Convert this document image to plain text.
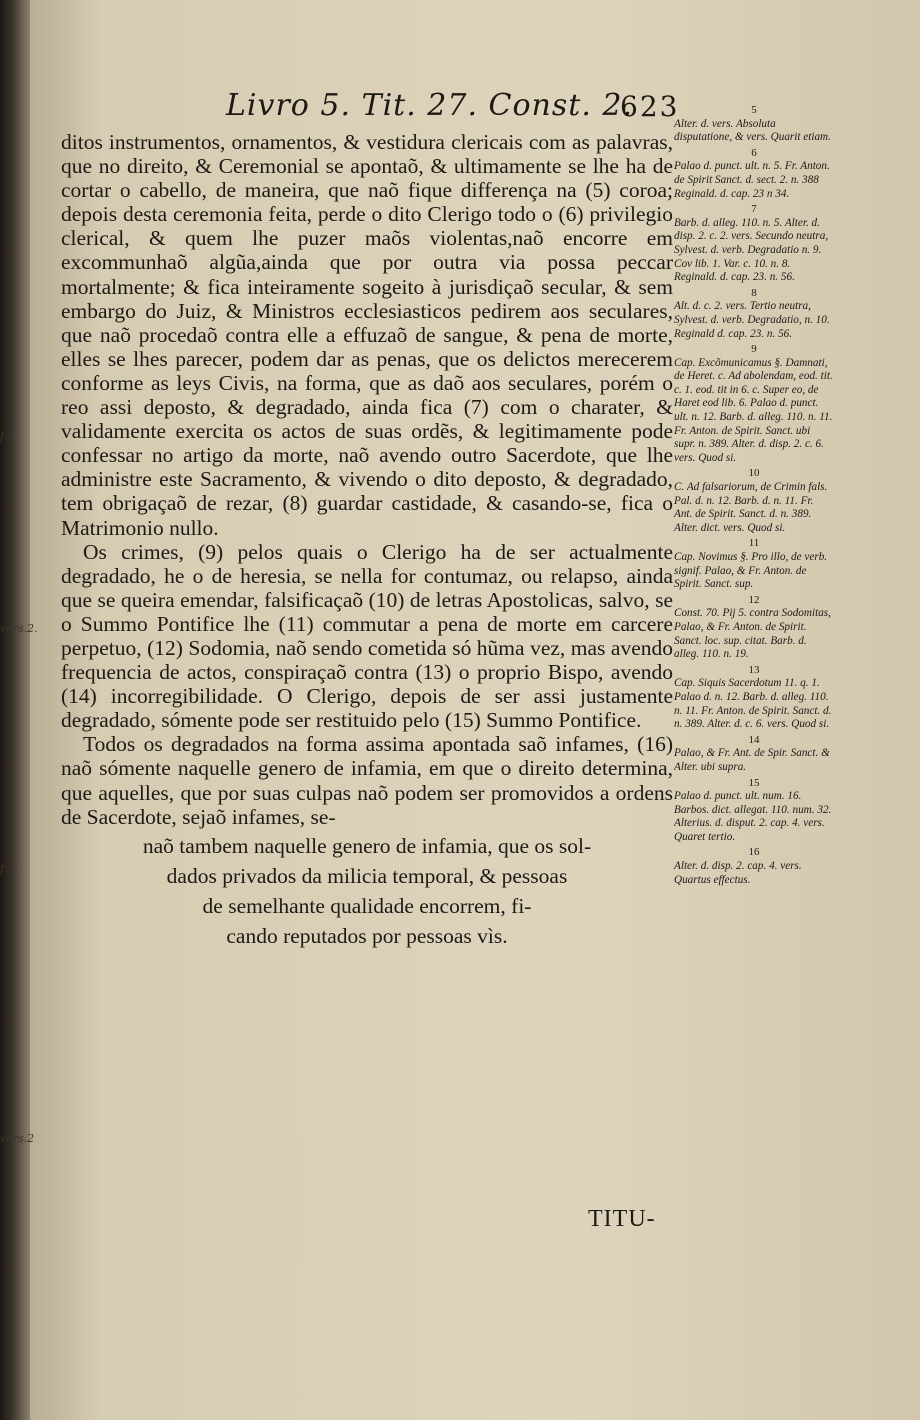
Livro 5. Tit. 27. Const. 2.
623

ditos instrumentos, ornamentos, & vestidura clericais com as palavras, que no direito, & Ceremonial se apontaõ, & ultimamente se lhe ha de cortar o cabello, de maneira, que naõ fique differença na (5) coroa; depois desta ceremonia feita, perde o dito Clerigo todo o (6) privilegio clerical, & quem lhe puzer maõs violentas,naõ encorre em excommunhaõ algũa,ainda que por outra via possa peccar mortalmente; & fica inteiramente sogeito à jurisdiçaõ secular, & sem embargo do Juiz, & Ministros ecclesiasticos pedirem aos seculares, que naõ procedaõ contra elle a effuzaõ de sangue, & pena de morte, elles se lhes parecer, podem dar as penas, que os delictos merecerem conforme as leys Civis, na forma, que as daõ aos seculares, porém o reo assi deposto, & degradado, ainda fica (7) com o charater, & validamente exercita os actos de suas ordẽs, & legitimamente pode confessar no artigo da morte, naõ avendo outro Sacerdote, que lhe administre este Sacramento, & vivendo o dito deposto, & degradado, tem obrigaçaõ de rezar, (8) guardar castidade, & casando-se, fica o Matrimonio nullo.

Os crimes, (9) pelos quais o Clerigo ha de ser actualmente degradado, he o de heresia, se nella for contumaz, ou relapso, ainda que se queira emendar, falsificaçaõ (10) de letras Apostolicas, salvo, se o Summo Pontifice lhe (11) commutar a pena de morte em carcere perpetuo, (12) Sodomia, naõ sendo cometida só hũma vez, mas avendo frequencia de actos, conspiraçaõ contra (13) o proprio Bispo, avendo (14) incorregibilidade. O Clerigo, depois de ser assi justamente degradado, sómente pode ser restituido pelo (15) Summo Pontifice.

Todos os degradados na forma assima apontada saõ infames, (16) naõ sómente naquelle genero de infamia, em que o direito determina, que aquelles, que por suas culpas naõ podem ser promovidos a ordens de Sacerdote, sejaõ infames, se-

naõ tambem naquelle genero de infamia, que os sol-
dados privados da milicia temporal, & pessoas
de semelhante qualidade encorrem, fi-
cando reputados por pessoas vìs.
f.4
vers.2.
f.3.
vers.2
5
Alter. d. vers. Absoluta disputatione, & vers. Quarit etiam.
6
Palao d. punct. ult. n. 5. Fr. Anton. de Spirit Sanct. d. sect. 2. n. 388 Reginald. d. cap. 23 n 34.
7
Barb. d. alleg. 110. n. 5. Alter. d. disp. 2. c. 2. vers. Secundo neutra, Sylvest. d. verb. Degradatio n. 9. Cov lib. 1. Var. c. 10. n. 8. Reginald. d. cap. 23. n. 56.
8
Alt. d. c. 2. vers. Tertio neutra, Sylvest. d. verb. Degradatio, n. 10. Reginald d. cap. 23. n. 56.
9
Cap. Excõmunicamus §. Damnati, de Heret. c. Ad abolendam, eod. tit. c. 1. eod. tit in 6. c. Super eo, de Haret eod lib. 6. Palao d. punct. ult. n. 12. Barb. d. alleg. 110. n. 11. Fr. Anton. de Spirit. Sanct. ubi supr. n. 389. Alter. d. disp. 2. c. 6. vers. Quod si.
10
C. Ad falsariorum, de Crimin fals. Pal. d. n. 12. Barb. d. n. 11. Fr. Ant. de Spirit. Sanct. d. n. 389. Alter. dict. vers. Quod si.
11
Cap. Novimus §. Pro illo, de verb. signif. Palao, & Fr. Anton. de Spirit. Sanct. sup.
12
Const. 70. Pij 5. contra Sodomitas, Palao, & Fr. Anton. de Spirit. Sanct. loc. sup. citat. Barb. d. alleg. 110. n. 19.
13
Cap. Siquis Sacerdotum 11. q. 1. Palao d. n. 12. Barb. d. alleg. 110. n. 11. Fr. Anton. de Spirit. Sanct. d. n. 389. Alter. d. c. 6. vers. Quod si.
14
Palao, & Fr. Ant. de Spir. Sanct. & Alter. ubi supra.
15
Palao d. punct. ult. num. 16. Barbos. dict. allegat. 110. num. 32. Alterius. d. disput. 2. cap. 4. vers. Quaret tertio.
16
Alter. d. disp. 2. cap. 4. vers. Quartus effectus.
TITU-
